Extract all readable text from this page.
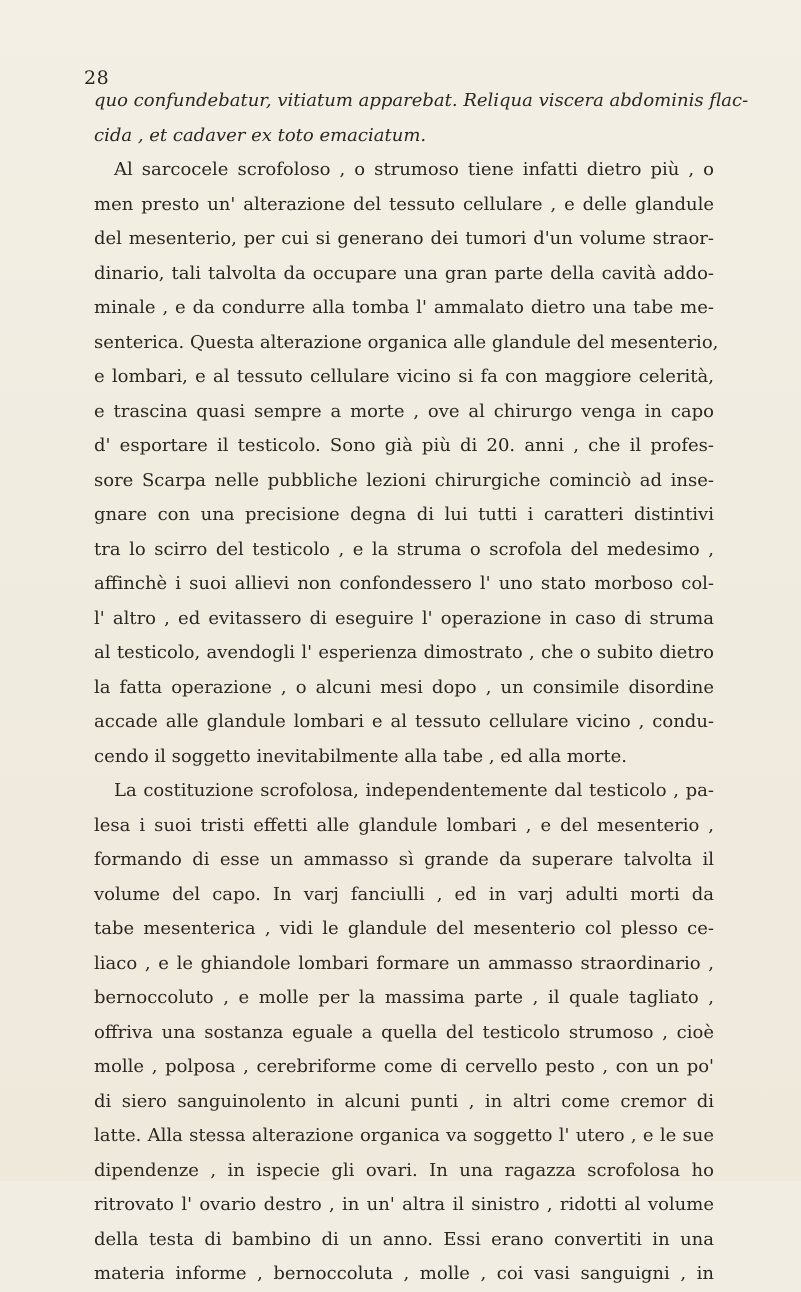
28
quo confundebatur, vitiatum apparebat. Reliqua viscera abdominis flac-
cida , et cadaver ex toto emaciatum.
Al sarcocele scrofoloso , o strumoso tiene infatti dietro più , o
men presto un' alterazione del tessuto cellulare , e delle glandule
del mesenterio, per cui si generano dei tumori d'un volume straor-
dinario, tali talvolta da occupare una gran parte della cavità addo-
minale , e da condurre alla tomba l' ammalato dietro una tabe me-
senterica. Questa alterazione organica alle glandule del mesenterio,
e lombari, e al tessuto cellulare vicino si fa con maggiore celerità,
e trascina quasi sempre a morte , ove al chirurgo venga in capo
d' esportare il testicolo. Sono già più di 20. anni , che il profes-
sore Scarpa nelle pubbliche lezioni chirurgiche cominciò ad inse-
gnare con una precisione degna di lui tutti i caratteri distintivi
tra lo scirro del testicolo , e la struma o scrofola del medesimo ,
affinchè i suoi allievi non confondessero l' uno stato morboso col-
l' altro , ed evitassero di eseguire l' operazione in caso di struma
al testicolo, avendogli l' esperienza dimostrato , che o subito dietro
la fatta operazione , o alcuni mesi dopo , un consimile disordine
accade alle glandule lombari e al tessuto cellulare vicino , condu-
cendo il soggetto inevitabilmente alla tabe , ed alla morte.
La costituzione scrofolosa, independentemente dal testicolo , pa-
lesa i suoi tristi effetti alle glandule lombari , e del mesenterio ,
formando di esse un ammasso sì grande da superare talvolta il
volume del capo. In varj fanciulli , ed in varj adulti morti da
tabe mesenterica , vidi le glandule del mesenterio col plesso ce-
liaco , e le ghiandole lombari formare un ammasso straordinario ,
bernoccoluto , e molle per la massima parte , il quale tagliato ,
offriva una sostanza eguale a quella del testicolo strumoso , cioè
molle , polposa , cerebriforme come di cervello pesto , con un po'
di siero sanguinolento in alcuni punti , in altri come cremor di
latte. Alla stessa alterazione organica va soggetto l' utero , e le sue
dipendenze , in ispecie gli ovari. In una ragazza scrofolosa ho
ritrovato l' ovario destro , in un' altra il sinistro , ridotti al volume
della testa di bambino di un anno. Essi erano convertiti in una
materia informe , bernoccoluta , molle , coi vasi sanguigni , in
